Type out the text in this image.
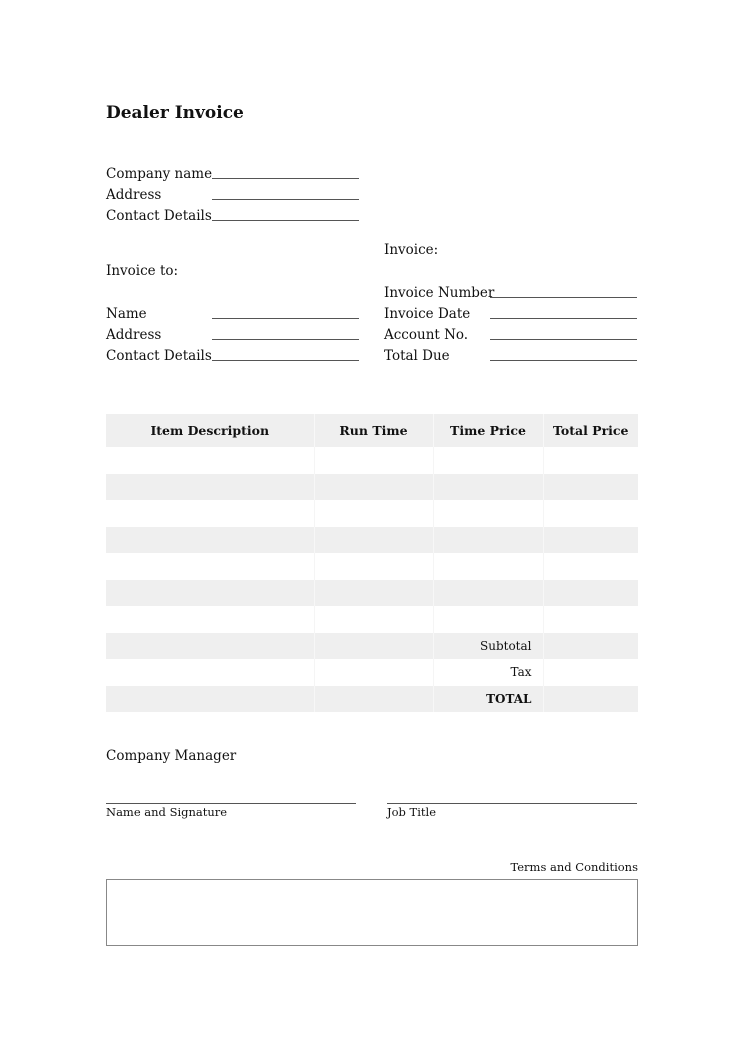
Dealer Invoice
Company name
Address
Contact Details
Invoice:
Invoice to:
Invoice Number
Name	Invoice Date
Address	Account No.
Contact Details	Total Due
Item Description	Run Time	Time Price	Total Price

		Subtotal	
		Tax	
		TOTAL	
Company Manager
Name and Signature	Job Title
Terms and Conditions
